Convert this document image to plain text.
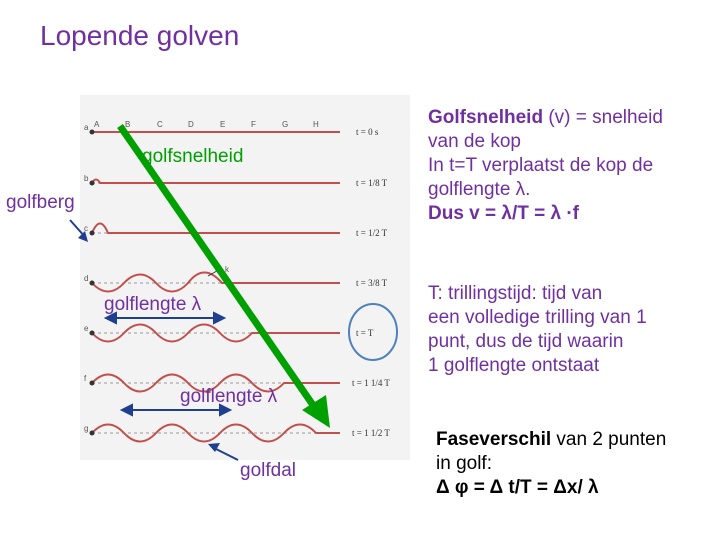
Lopende golven
A	B	C	D	E	F	G	H
a
b
c
d
e
f
g
t = 0 s
t = 1/8 T
t = 1/2 T
t = 3/8 T
t = T
t = 1 1/4 T
t = 1 1/2 T
k
golfsnelheid
golfberg
golflengte λ
golflengte λ
golfdal
Golfsnelheid (v) = snelheid
van de kop
In t=T verplaatst de kop de
golflengte λ.
Dus v = λ/T = λ ·f
T: trillingstijd: tijd van
een volledige trilling van 1
punt, dus de tijd waarin
1 golflengte ontstaat
Faseverschil van 2 punten
in golf:
Δ φ = Δ t/T = Δx/ λ
